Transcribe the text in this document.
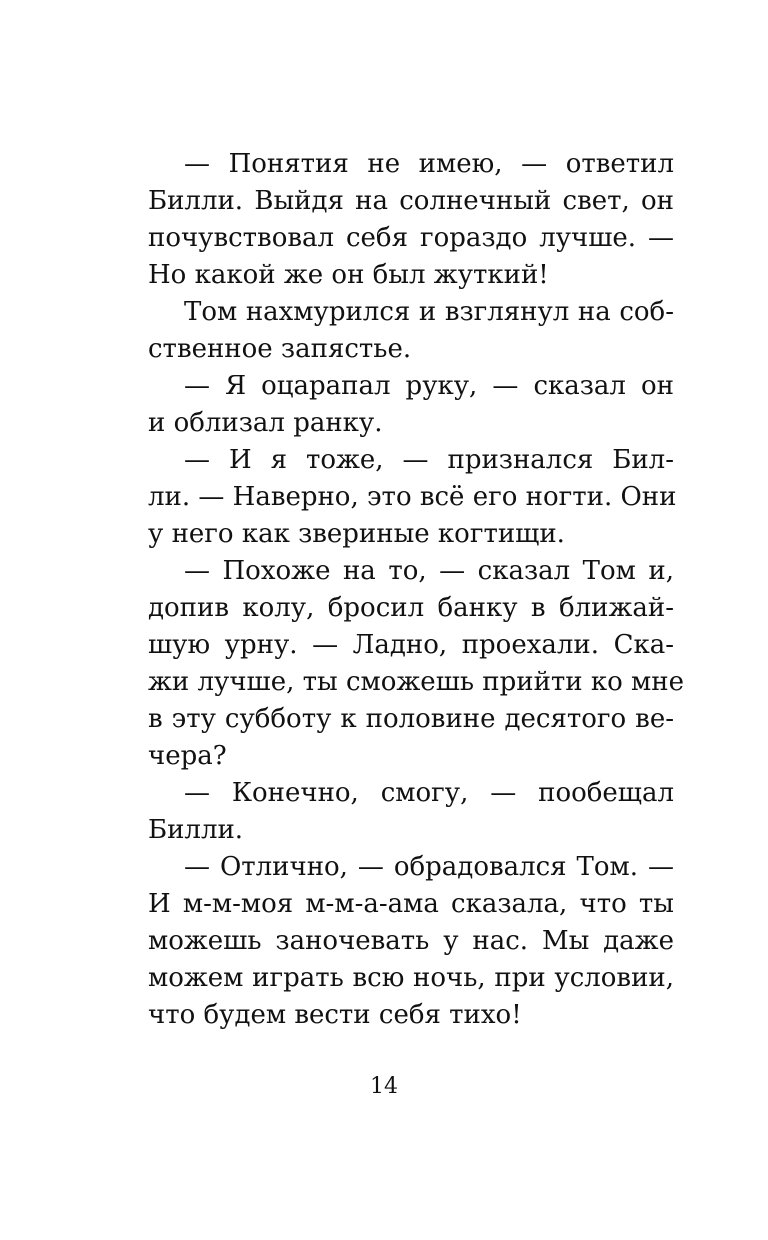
— Понятия не имею, — ответил
Билли. Выйдя на солнечный свет, он
почувствовал себя гораздо лучше. —
Но какой же он был жуткий!
Том нахмурился и взглянул на соб-
ственное запястье.
— Я оцарапал руку, — сказал он
и облизал ранку.
— И я тоже, — признался Бил-
ли. — Наверно, это всё его ногти. Они
у него как звериные когтищи.
— Похоже на то, — сказал Том и,
допив колу, бросил банку в ближай-
шую урну. — Ладно, проехали. Ска-
жи лучше, ты сможешь прийти ко мне
в эту субботу к половине десятого ве-
чера?
— Конечно, смогу, — пообещал
Билли.
— Отлично, — обрадовался Том. —
И м-м-моя м-м-а-ама сказала, что ты
можешь заночевать у нас. Мы даже
можем играть всю ночь, при условии,
что будем вести себя тихо!
14
